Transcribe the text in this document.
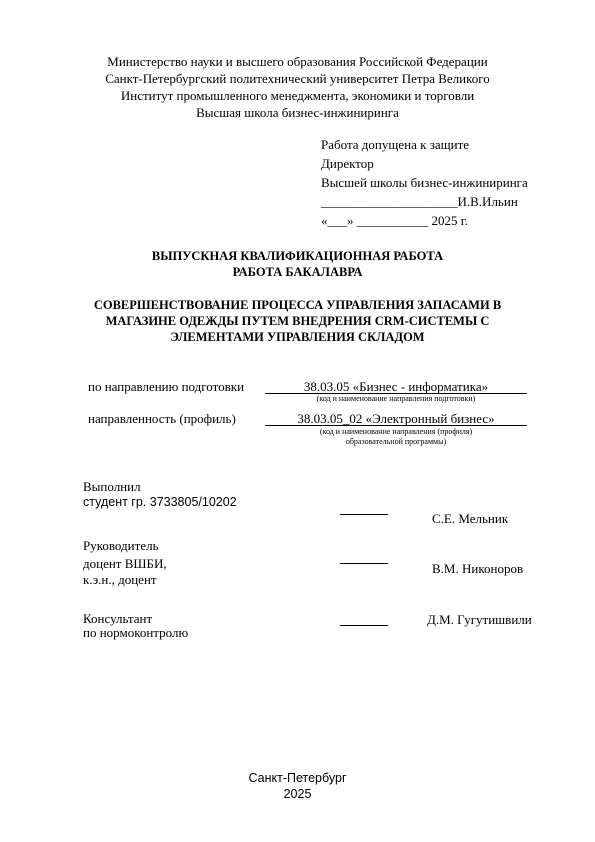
Министерство науки и высшего образования Российской Федерации
Санкт-Петербургский политехнический университет Петра Великого
Институт промышленного менеджмента, экономики и торговли
Высшая школа бизнес-инжиниринга
Работа допущена к защите
Директор
Высшей школы бизнес-инжиниринга
_____________________И.В.Ильин
«___» ___________ 2025 г.
ВЫПУСКНАЯ КВАЛИФИКАЦИОННАЯ РАБОТА
РАБОТА БАКАЛАВРА
СОВЕРШЕНСТВОВАНИЕ ПРОЦЕССА УПРАВЛЕНИЯ ЗАПАСАМИ В
МАГАЗИНЕ ОДЕЖДЫ ПУТЕМ ВНЕДРЕНИЯ CRM-СИСТЕМЫ С
ЭЛЕМЕНТАМИ УПРАВЛЕНИЯ СКЛАДОМ
по направлению подготовки	38.03.05 «Бизнес - информатика»
(код и наименование направления подготовки)
направленность (профиль)	38.03.05_02 «Электронный бизнес»
(код и наименование направления (профиля)
образовательной программы)
Выполнил
студент гр. 3733805/10202
С.Е. Мельник
Руководитель
доцент ВШБИ,
к.э.н., доцент
В.М. Никоноров
Консультант
по нормоконтролю
Д.М. Гугутишвили
Санкт-Петербург
2025
